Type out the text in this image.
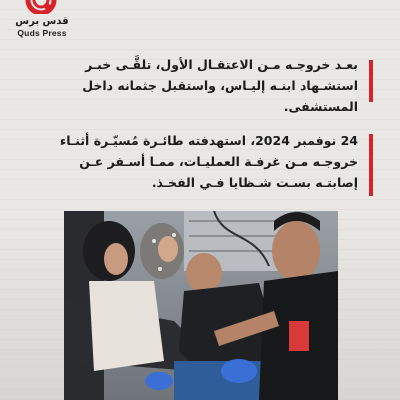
قدس برس
Quds Press
بعـد خروجـه مـن الاعتقـال الأول، تلقَّـى خبـر استشـهاد ابنـه إليـاس، واستقبل جثمانه داخل المستشفى.
24 نوفمبر 2024، استهدفته طائـرة مُسيّـرة أثنـاء خروجـه مـن غرفـة العمليـات، ممـا أسـفر عـن إصابتـه بسـت شـظايا فـي الفخـذ.
